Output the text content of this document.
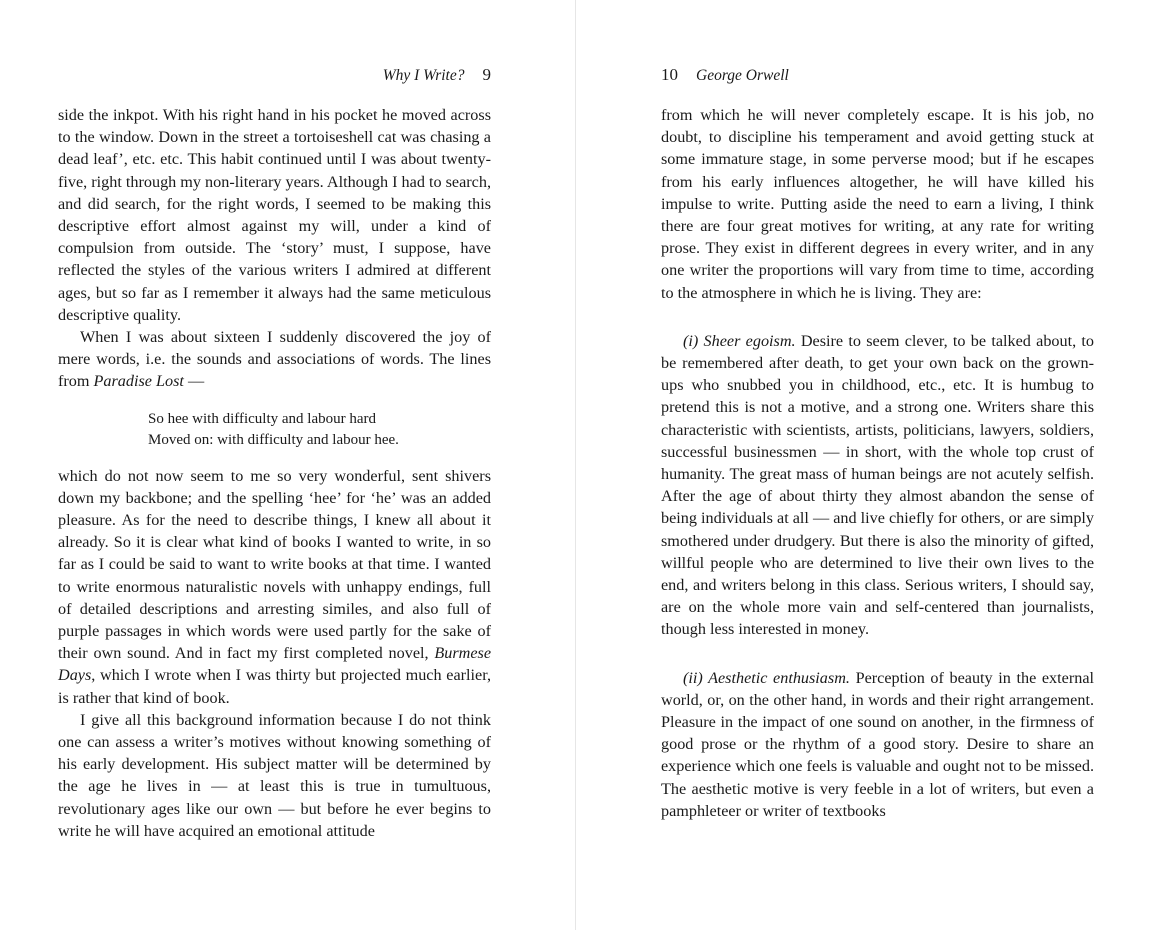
Why I Write? 9

side the inkpot. With his right hand in his pocket he moved across to the window. Down in the street a tortoiseshell cat was chasing a dead leaf’, etc. etc. This habit continued until I was about twenty-five, right through my non-literary years. Although I had to search, and did search, for the right words, I seemed to be making this descriptive effort almost against my will, under a kind of compulsion from outside. The ‘story’ must, I suppose, have reflected the styles of the various writers I admired at different ages, but so far as I remember it always had the same meticulous descriptive quality.

When I was about sixteen I suddenly discovered the joy of mere words, i.e. the sounds and associations of words. The lines from Paradise Lost —

So hee with difficulty and labour hard
Moved on: with difficulty and labour hee.

which do not now seem to me so very wonderful, sent shivers down my backbone; and the spelling ‘hee’ for ‘he’ was an added pleasure. As for the need to describe things, I knew all about it already. So it is clear what kind of books I wanted to write, in so far as I could be said to want to write books at that time. I wanted to write enormous naturalistic novels with unhappy endings, full of detailed descriptions and arresting similes, and also full of purple passages in which words were used partly for the sake of their own sound. And in fact my first completed novel, Burmese Days, which I wrote when I was thirty but projected much earlier, is rather that kind of book.

I give all this background information because I do not think one can assess a writer’s motives without knowing something of his early development. His subject matter will be determined by the age he lives in — at least this is true in tumultuous, revolutionary ages like our own — but before he ever begins to write he will have acquired an emotional attitude

10 George Orwell

from which he will never completely escape. It is his job, no doubt, to discipline his temperament and avoid getting stuck at some immature stage, in some perverse mood; but if he escapes from his early influences altogether, he will have killed his impulse to write. Putting aside the need to earn a living, I think there are four great motives for writing, at any rate for writing prose. They exist in different degrees in every writer, and in any one writer the proportions will vary from time to time, according to the atmosphere in which he is living. They are:

(i) Sheer egoism. Desire to seem clever, to be talked about, to be remembered after death, to get your own back on the grown-ups who snubbed you in childhood, etc., etc. It is humbug to pretend this is not a motive, and a strong one. Writers share this characteristic with scientists, artists, politicians, lawyers, soldiers, successful businessmen — in short, with the whole top crust of humanity. The great mass of human beings are not acutely selfish. After the age of about thirty they almost abandon the sense of being individuals at all — and live chiefly for others, or are simply smothered under drudgery. But there is also the minority of gifted, willful people who are determined to live their own lives to the end, and writers belong in this class. Serious writers, I should say, are on the whole more vain and self-centered than journalists, though less interested in money.

(ii) Aesthetic enthusiasm. Perception of beauty in the external world, or, on the other hand, in words and their right arrangement. Pleasure in the impact of one sound on another, in the firmness of good prose or the rhythm of a good story. Desire to share an experience which one feels is valuable and ought not to be missed. The aesthetic motive is very feeble in a lot of writers, but even a pamphleteer or writer of textbooks
